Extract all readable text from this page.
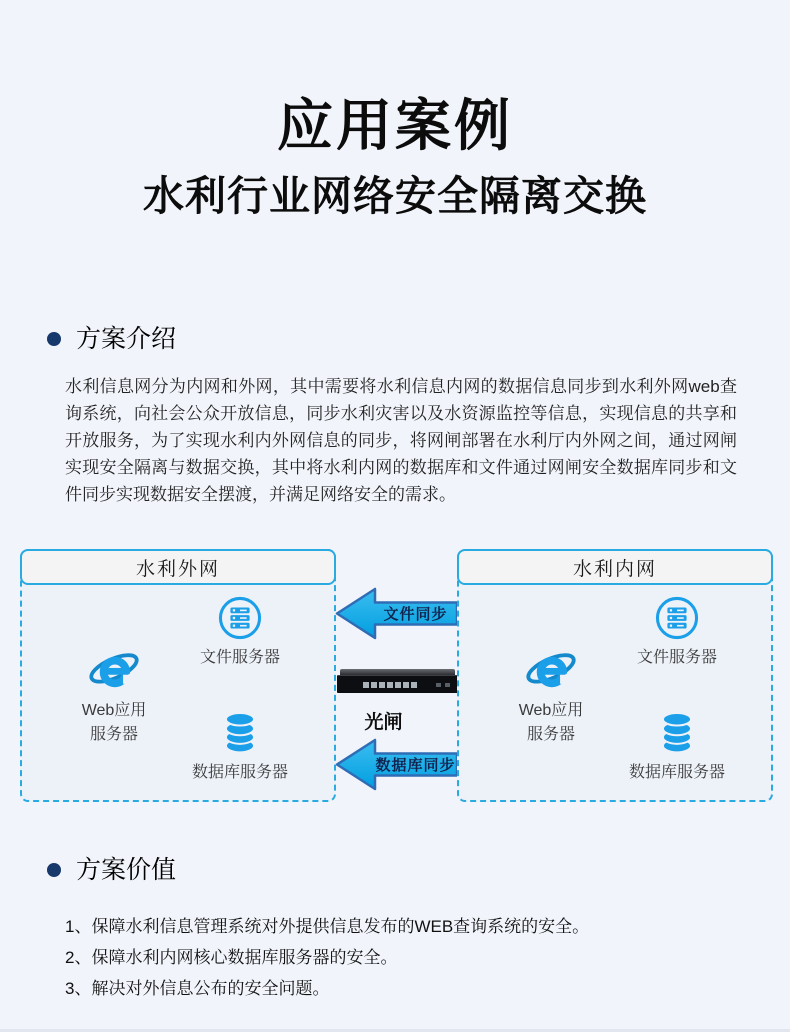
应用案例
水利行业网络安全隔离交换
方案介绍

水利信息网分为内网和外网，其中需要将水利信息内网的数据信息同步到水利外网web查询系统，向社会公众开放信息，同步水利灾害以及水资源监控等信息，实现信息的共享和开放服务，为了实现水利内外网信息的同步，将网闸部署在水利厅内外网之间，通过网闸实现安全隔离与数据交换，其中将水利内网的数据库和文件通过网闸安全数据库同步和文件同步实现数据安全摆渡，并满足网络安全的需求。

水利外网
文件服务器
Web应用
服务器
数据库服务器
文件同步
光闸
数据库同步
水利内网
文件服务器
Web应用
服务器
数据库服务器
方案价值
1、保障水利信息管理系统对外提供信息发布的WEB查询系统的安全。
2、保障水利内网核心数据库服务器的安全。
3、解决对外信息公布的安全问题。
